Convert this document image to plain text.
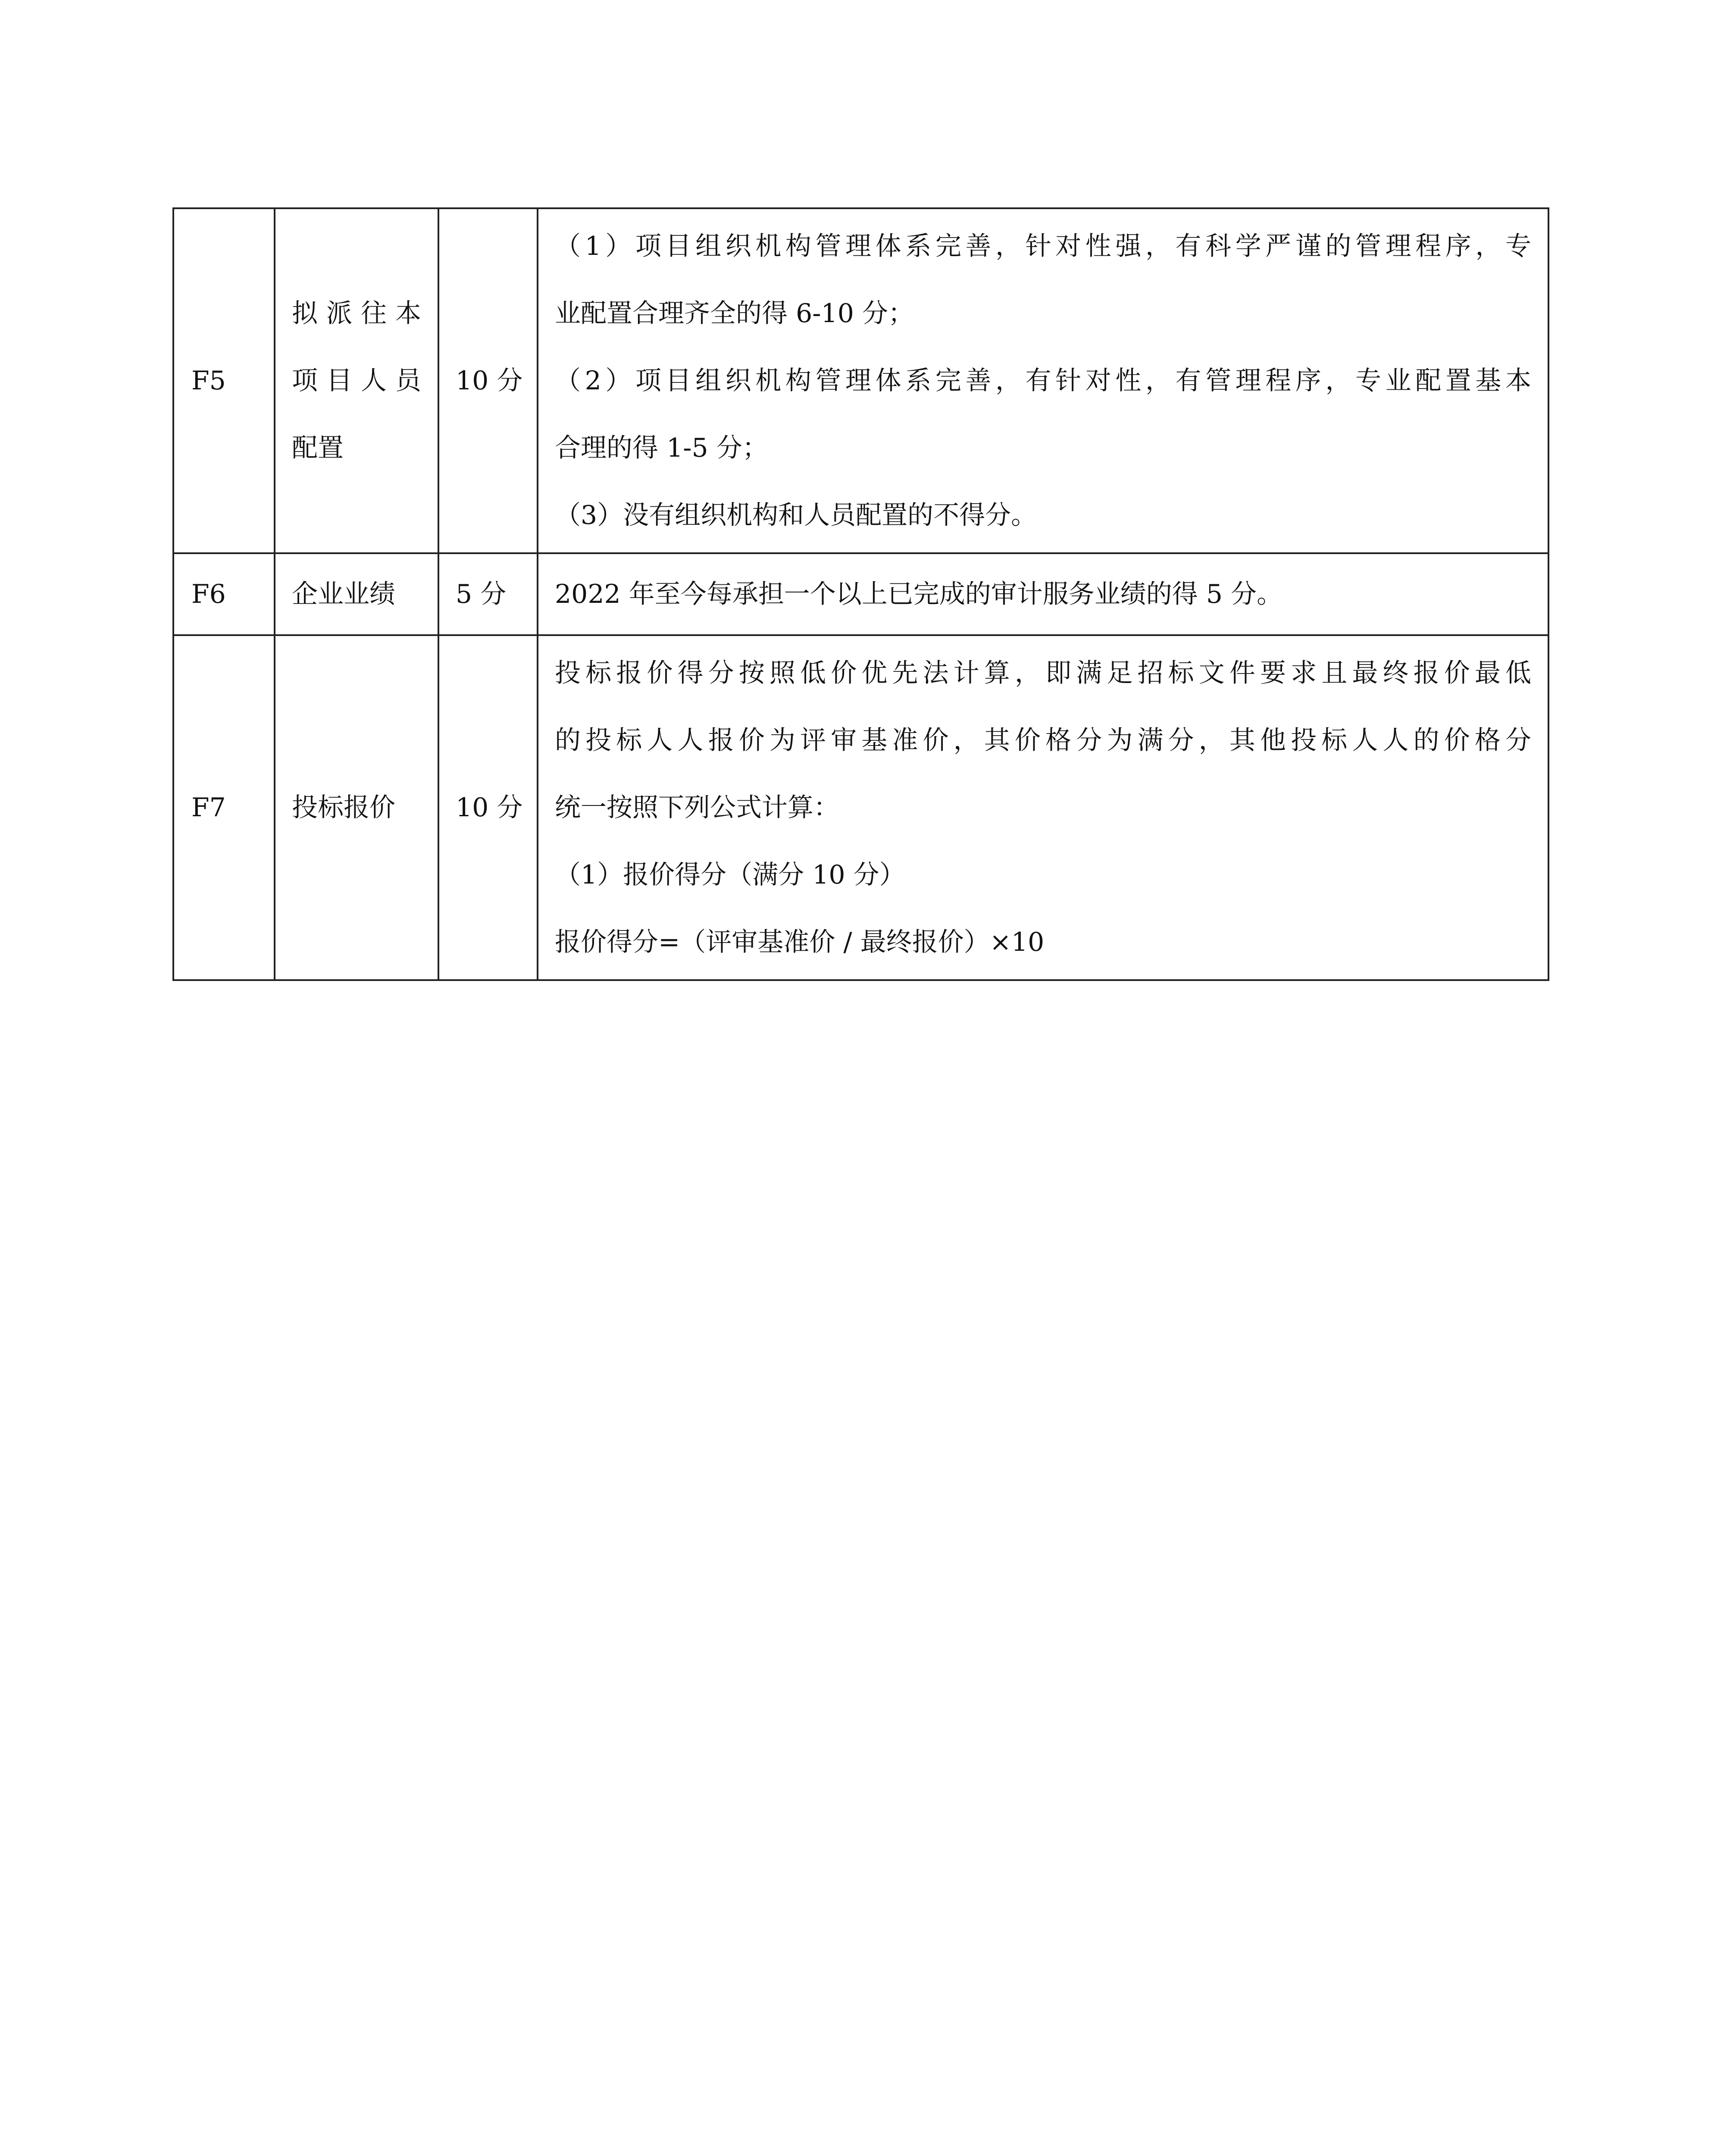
F5	拟派往本
项目人员
配置	10 分	（1）项目组织机构管理体系完善，针对性强，有科学严谨的管理程序，专
业配置合理齐全的得 6-10 分；
（2）项目组织机构管理体系完善，有针对性，有管理程序，专业配置基本
合理的得 1-5 分；
（3）没有组织机构和人员配置的不得分。

F6	企业业绩	5 分	2022 年至今每承担一个以上已完成的审计服务业绩的得 5 分。

F7	投标报价	10 分	投标报价得分按照低价优先法计算，即满足招标文件要求且最终报价最低
的投标人人报价为评审基准价，其价格分为满分，其他投标人人的价格分
统一按照下列公式计算：
（1）报价得分（满分 10 分）
报价得分=（评审基准价 / 最终报价）×10
